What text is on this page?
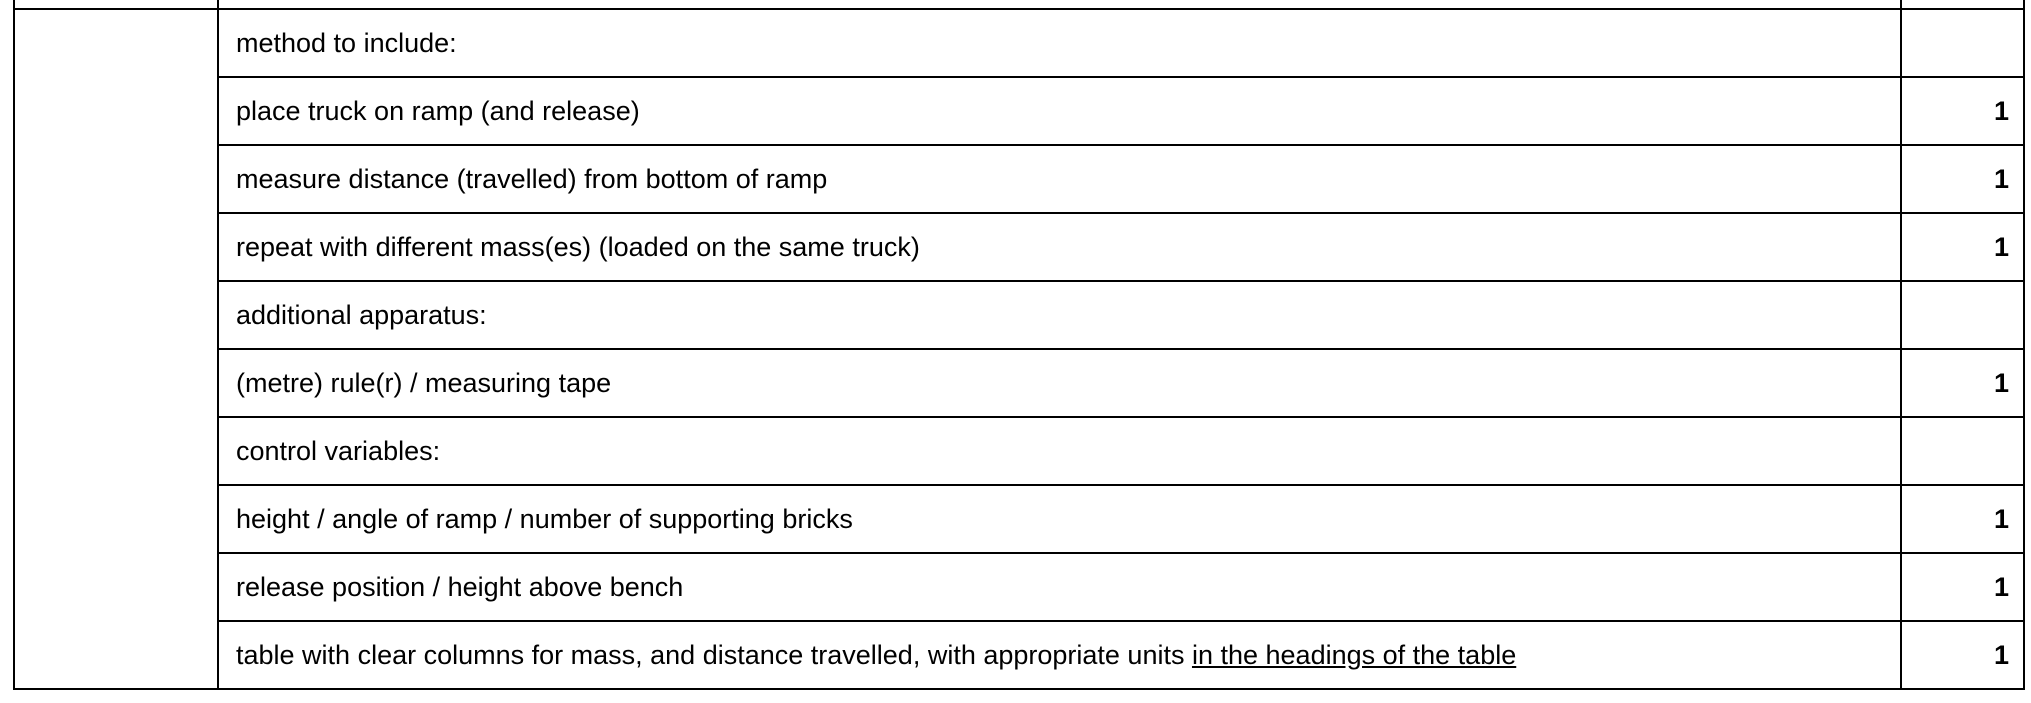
	method to include:	
	place truck on ramp (and release)	1
	measure distance (travelled) from bottom of ramp	1
	repeat with different mass(es) (loaded on the same truck)	1
	additional apparatus:	
	(metre) rule(r) / measuring tape	1
	control variables:	
	height / angle of ramp / number of supporting bricks	1
	release position / height above bench	1
	table with clear columns for mass, and distance travelled, with appropriate units in the headings of the table	1
